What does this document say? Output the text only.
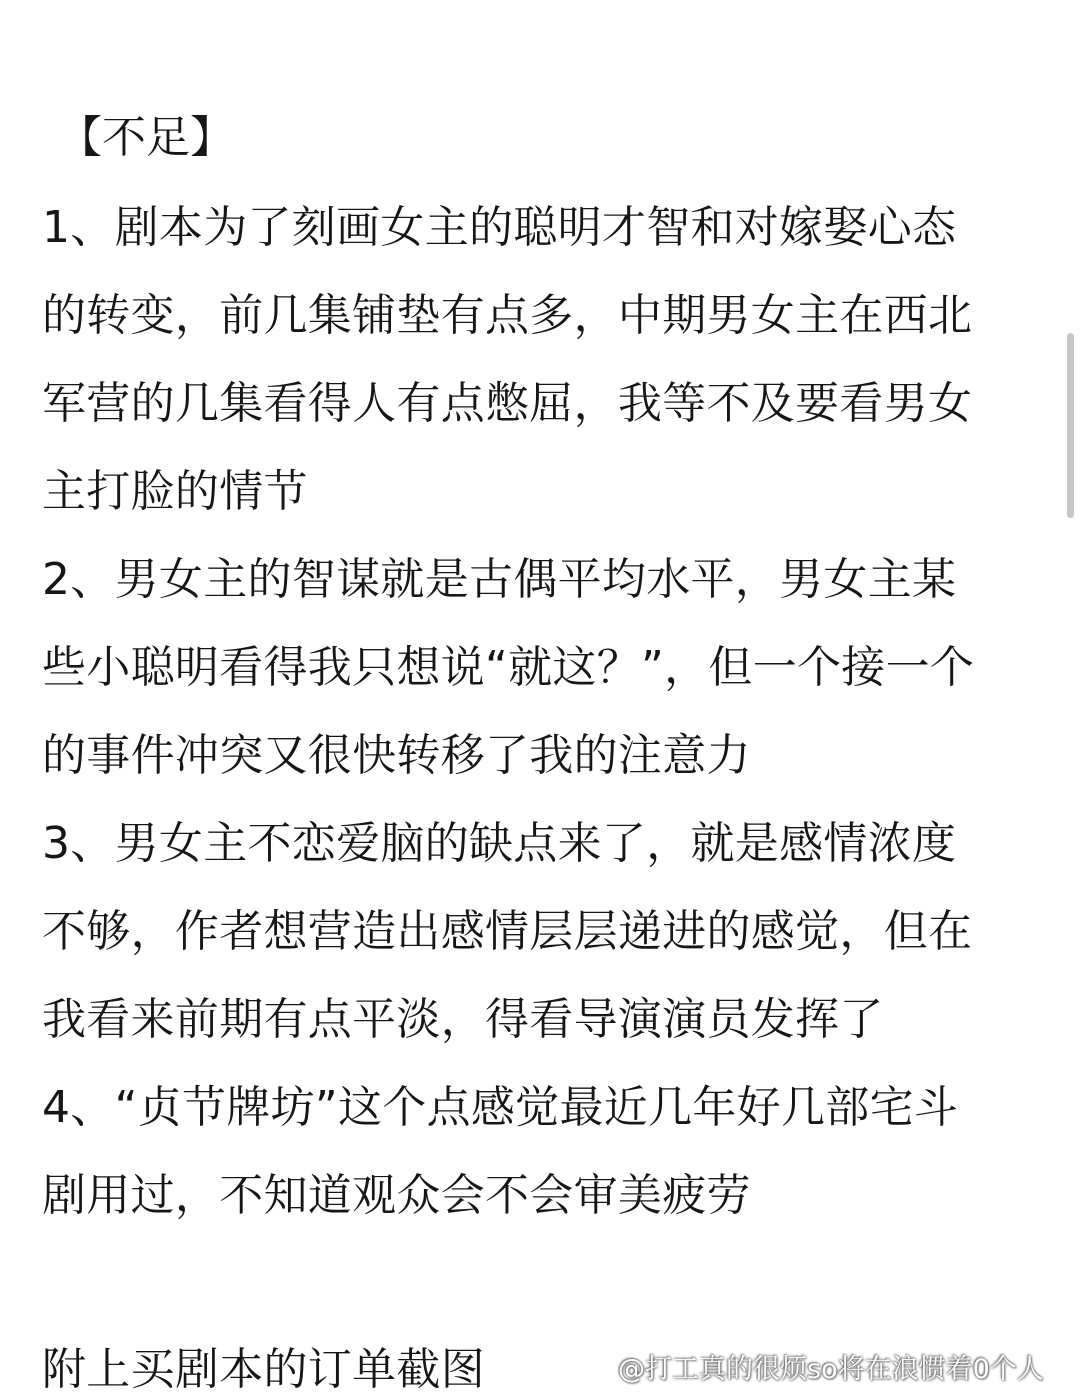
【不足】
1、剧本为了刻画女主的聪明才智和对嫁娶心态
的转变，前几集铺垫有点多，中期男女主在西北
军营的几集看得人有点憋屈，我等不及要看男女
主打脸的情节
2、男女主的智谋就是古偶平均水平，男女主某
些小聪明看得我只想说“就这？”，但一个接一个
的事件冲突又很快转移了我的注意力
3、男女主不恋爱脑的缺点来了，就是感情浓度
不够，作者想营造出感情层层递进的感觉，但在
我看来前期有点平淡，得看导演演员发挥了
4、“贞节牌坊”这个点感觉最近几年好几部宅斗
剧用过，不知道观众会不会审美疲劳
附上买剧本的订单截图	@打工真的很烦so将在浪惯着0个人
